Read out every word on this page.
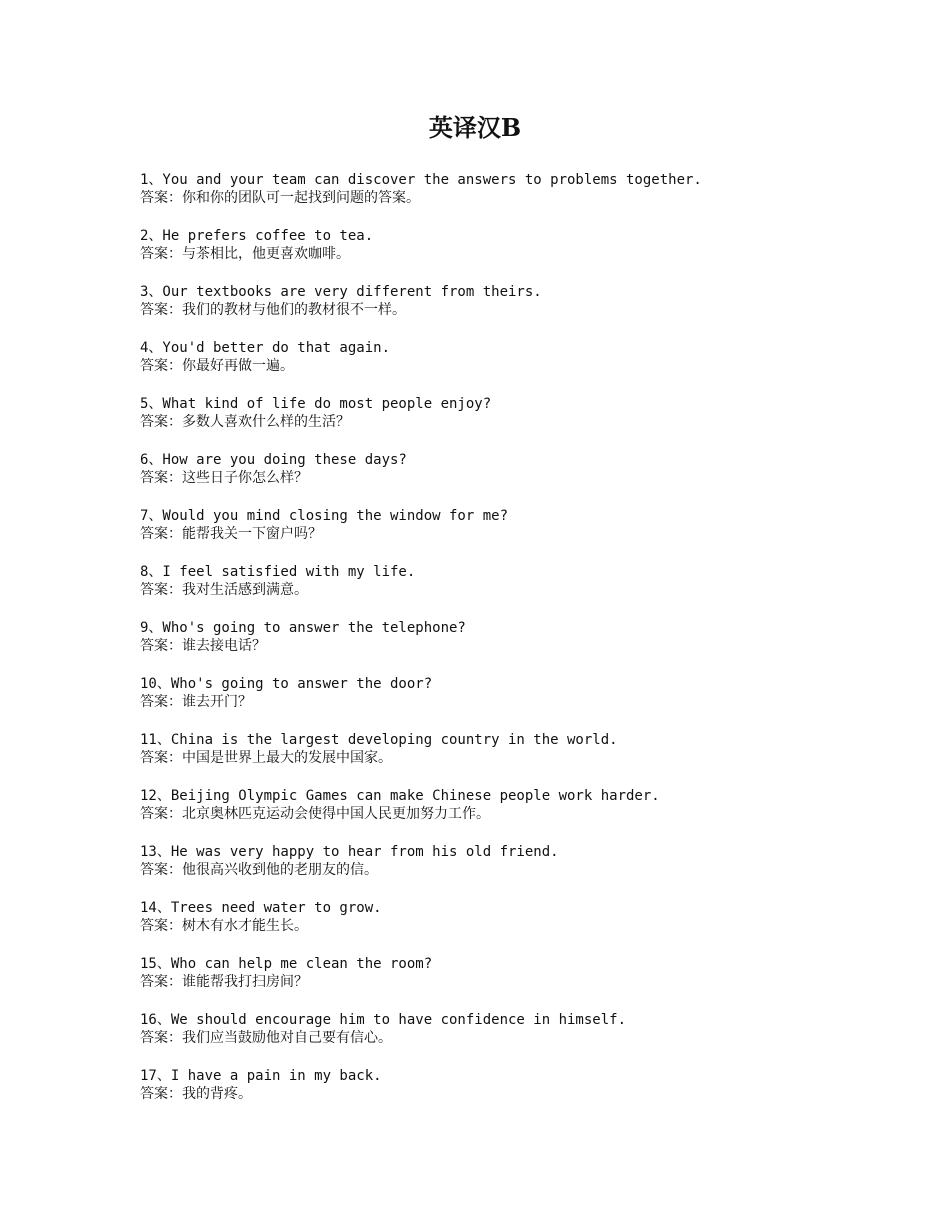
英译汉B
1、You and your team can discover the answers to problems together.
答案：你和你的团队可一起找到问题的答案。
2、He prefers coffee to tea.
答案：与茶相比，他更喜欢咖啡。
3、Our textbooks are very different from theirs.
答案：我们的教材与他们的教材很不一样。
4、You'd better do that again.
答案：你最好再做一遍。
5、What kind of life do most people enjoy?
答案：多数人喜欢什么样的生活？
6、How are you doing these days?
答案：这些日子你怎么样？
7、Would you mind closing the window for me?
答案：能帮我关一下窗户吗？
8、I feel satisfied with my life.
答案：我对生活感到满意。
9、Who's going to answer the telephone?
答案：谁去接电话？
10、Who's going to answer the door?
答案：谁去开门？
11、China is the largest developing country in the world.
答案：中国是世界上最大的发展中国家。
12、Beijing Olympic Games can make Chinese people work harder.
答案：北京奥林匹克运动会使得中国人民更加努力工作。
13、He was very happy to hear from his old friend.
答案：他很高兴收到他的老朋友的信。
14、Trees need water to grow.
答案：树木有水才能生长。
15、Who can help me clean the room?
答案：谁能帮我打扫房间？
16、We should encourage him to have confidence in himself.
答案：我们应当鼓励他对自己要有信心。
17、I have a pain in my back.
答案：我的背疼。
